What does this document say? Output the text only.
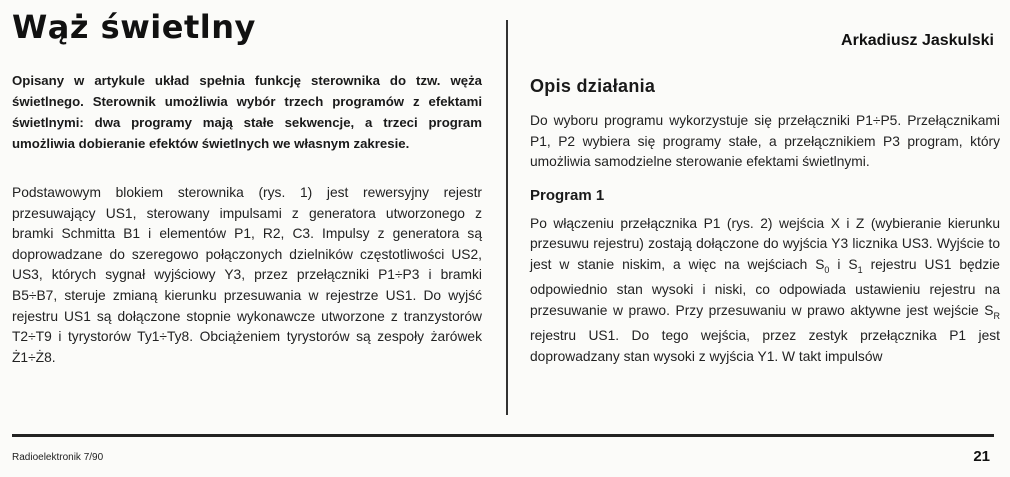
Wąż świetlny	Arkadiusz Jaskulski

Opisany w artykule układ spełnia funkcję sterownika do tzw. węża świetlnego. Sterownik umożliwia wybór trzech programów z efektami świetlnymi: dwa programy mają stałe sekwencje, a trzeci program umożliwia dobieranie efektów świetlnych we własnym zakresie.

Podstawowym blokiem sterownika (rys. 1) jest rewersyjny rejestr przesuwający US1, sterowany impulsami z generatora utworzonego z bramki Schmitta B1 i elementów P1, R2, C3. Impulsy z generatora są doprowadzane do szeregowo połączonych dzielników częstotliwości US2, US3, których sygnał wyjściowy Y3, przez przełączniki P1÷P3 i bramki B5÷B7, steruje zmianą kierunku przesuwania w rejestrze US1. Do wyjść rejestru US1 są dołączone stopnie wykonawcze utworzone z tranzystorów T2÷T9 i tyrystorów Ty1÷Ty8. Obciążeniem tyrystorów są zespoły żarówek Ż1÷Ż8.

Opis działania

Do wyboru programu wykorzystuje się przełączniki P1÷P5. Przełącznikami P1, P2 wybiera się programy stałe, a przełącznikiem P3 program, który umożliwia samodzielne sterowanie efektami świetlnymi.

Program 1

Po włączeniu przełącznika P1 (rys. 2) wejścia X i Z (wybieranie kierunku przesuwu rejestru) zostają dołączone do wyjścia Y3 licznika US3. Wyjście to jest w stanie niskim, a więc na wejściach $S_0$ i $S_1$ rejestru US1 będzie odpowiednio stan wysoki i niski, co odpowiada ustawieniu rejestru na przesuwanie w prawo. Przy przesuwaniu w prawo aktywne jest wejście $S_R$ rejestru US1. Do tego wejścia, przez zestyk przełącznika P1 jest doprowadzany stan wysoki z wyjścia Y1. W takt impulsów

Radioelektronik 7/90	21
